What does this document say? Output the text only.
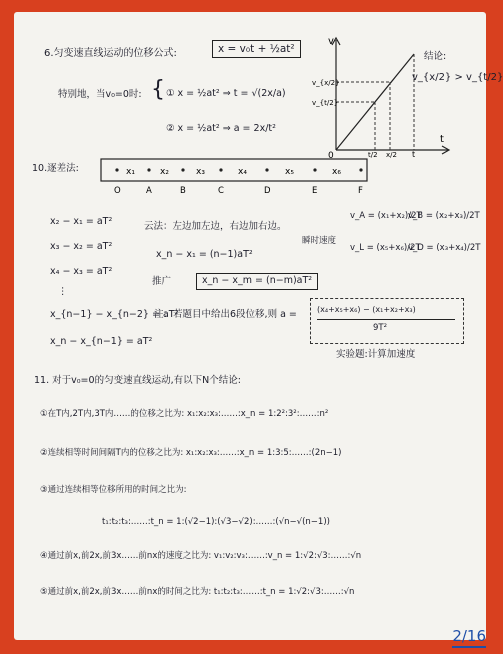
6.匀变速直线运动的位移公式:	x = v₀t + ½at²
特别地，当v₀=0时: { ① x = ½at² ⇒ t = √(2x/a)
② x = ½at² ⇒ a = 2x/t²
v
t
0
v_{x/2}
v_{t/2}
t/2 x/2 t
结论:
v_{x/2} > v_{t/2}
10.逐差法:	x₁	x₂	x₃	x₄	x₅	x₆
O	A	B	C	D	E	F
x₂ − x₁ = aT²
x₃ − x₂ = aT²
x₄ − x₃ = aT²
⋮
x_{n−1} − x_{n−2} = aT²
x_n − x_{n−1} = aT²
云法：左边加左边，右边加右边。
x_n − x₁ = (n−1)aT²
推广	x_n − x_m = (n−m)aT²
瞬时速度
v_A = (x₁+x₂)/2T
v_L = (x₅+x₆)/2T
v_B = (x₂+x₃)/2T
v_D = (x₃+x₄)/2T
注：若题目中给出6段位移,则 a =	(x₄+x₅+x₆) − (x₁+x₂+x₃)
9T²
实验题:计算加速度
11. 对于v₀=0的匀变速直线运动,有以下N个结论:
①在T内,2T内,3T内……的位移之比为: x₁:x₂:x₃:……:x_n = 1:2²:3²:……:n²
②连续相等时间间隔T内的位移之比为: x₁:x₂:x₃:……:x_n = 1:3:5:……:(2n−1)
③通过连续相等位移所用的时间之比为:
t₁:t₂:t₃:……:t_n = 1:(√2−1):(√3−√2):……:(√n−√(n−1))
④通过前x,前2x,前3x……前nx的速度之比为: v₁:v₂:v₃:……:v_n = 1:√2:√3:……:√n
⑤通过前x,前2x,前3x……前nx的时间之比为: t₁:t₂:t₃:……:t_n = 1:√2:√3:……:√n
2/16
